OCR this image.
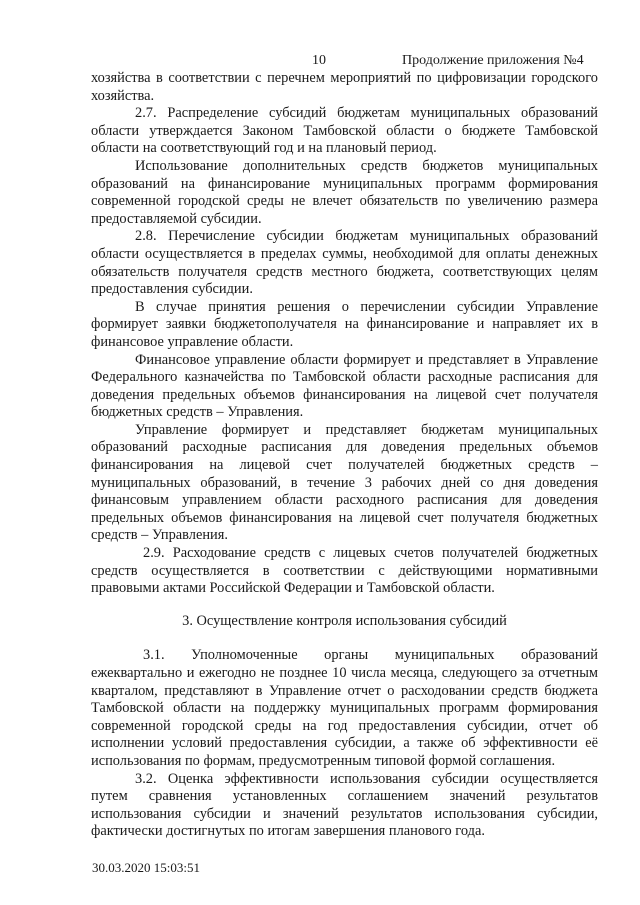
10	Продолжение приложения №4

хозяйства в соответствии с перечнем мероприятий по цифровизации городского хозяйства.

2.7. Распределение субсидий бюджетам муниципальных образований области утверждается Законом Тамбовской области о бюджете Тамбовской области на соответствующий год и на плановый период.

Использование дополнительных средств бюджетов муниципальных образований на финансирование муниципальных программ формирования современной городской среды не влечет обязательств по увеличению размера предоставляемой субсидии.

2.8. Перечисление субсидии бюджетам муниципальных образований области осуществляется в пределах суммы, необходимой для оплаты денежных обязательств получателя средств местного бюджета, соответствующих целям предоставления субсидии.

В случае принятия решения о перечислении субсидии Управление формирует заявки бюджетополучателя на финансирование и направляет их в финансовое управление области.

Финансовое управление области формирует и представляет в Управление Федерального казначейства по Тамбовской области расходные расписания для доведения предельных объемов финансирования на лицевой счет получателя бюджетных средств – Управления.

Управление формирует и представляет бюджетам муниципальных образований расходные расписания для доведения предельных объемов финансирования на лицевой счет получателей бюджетных средств – муниципальных образований, в течение 3 рабочих дней со дня доведения финансовым управлением области расходного расписания для доведения предельных объемов финансирования на лицевой счет получателя бюджетных средств – Управления.

2.9. Расходование средств с лицевых счетов получателей бюджетных средств осуществляется в соответствии с действующими нормативными правовыми актами Российской Федерации и Тамбовской области.

3. Осуществление контроля использования субсидий

3.1. Уполномоченные органы муниципальных образований ежеквартально и ежегодно не позднее 10 числа месяца, следующего за отчетным кварталом, представляют в Управление отчет о расходовании средств бюджета Тамбовской области на поддержку муниципальных программ формирования современной городской среды на год предоставления субсидии, отчет об исполнении условий предоставления субсидии, а также об эффективности её использования по формам, предусмотренным типовой формой соглашения.

3.2. Оценка эффективности использования субсидии осуществляется путем сравнения установленных соглашением значений результатов использования субсидии и значений результатов использования субсидии, фактически достигнутых по итогам завершения планового года.

30.03.2020 15:03:51
